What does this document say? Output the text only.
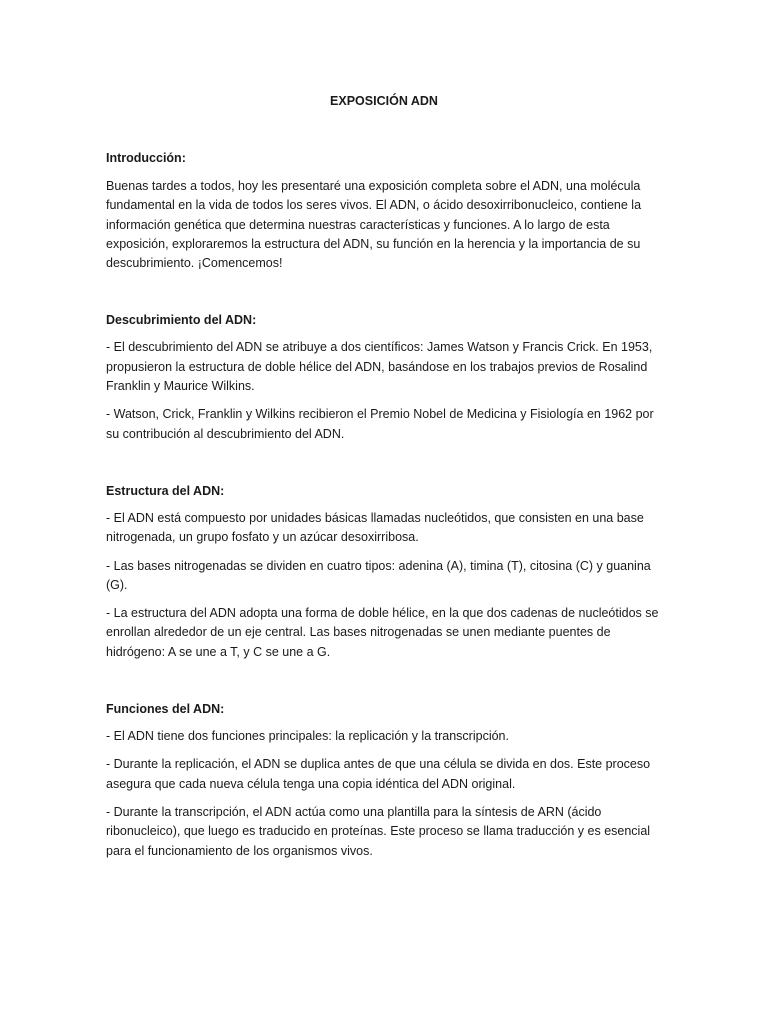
EXPOSICIÓN ADN

Introducción:

Buenas tardes a todos, hoy les presentaré una exposición completa sobre el ADN, una molécula fundamental en la vida de todos los seres vivos. El ADN, o ácido desoxirribonucleico, contiene la información genética que determina nuestras características y funciones. A lo largo de esta exposición, exploraremos la estructura del ADN, su función en la herencia y la importancia de su descubrimiento. ¡Comencemos!

Descubrimiento del ADN:

- El descubrimiento del ADN se atribuye a dos científicos: James Watson y Francis Crick. En 1953, propusieron la estructura de doble hélice del ADN, basándose en los trabajos previos de Rosalind Franklin y Maurice Wilkins.

- Watson, Crick, Franklin y Wilkins recibieron el Premio Nobel de Medicina y Fisiología en 1962 por su contribución al descubrimiento del ADN.

Estructura del ADN:

- El ADN está compuesto por unidades básicas llamadas nucleótidos, que consisten en una base nitrogenada, un grupo fosfato y un azúcar desoxirribosa.

- Las bases nitrogenadas se dividen en cuatro tipos: adenina (A), timina (T), citosina (C) y guanina (G).

- La estructura del ADN adopta una forma de doble hélice, en la que dos cadenas de nucleótidos se enrollan alrededor de un eje central. Las bases nitrogenadas se unen mediante puentes de hidrógeno: A se une a T, y C se une a G.

Funciones del ADN:

- El ADN tiene dos funciones principales: la replicación y la transcripción.

- Durante la replicación, el ADN se duplica antes de que una célula se divida en dos. Este proceso asegura que cada nueva célula tenga una copia idéntica del ADN original.

- Durante la transcripción, el ADN actúa como una plantilla para la síntesis de ARN (ácido ribonucleico), que luego es traducido en proteínas. Este proceso se llama traducción y es esencial para el funcionamiento de los organismos vivos.
